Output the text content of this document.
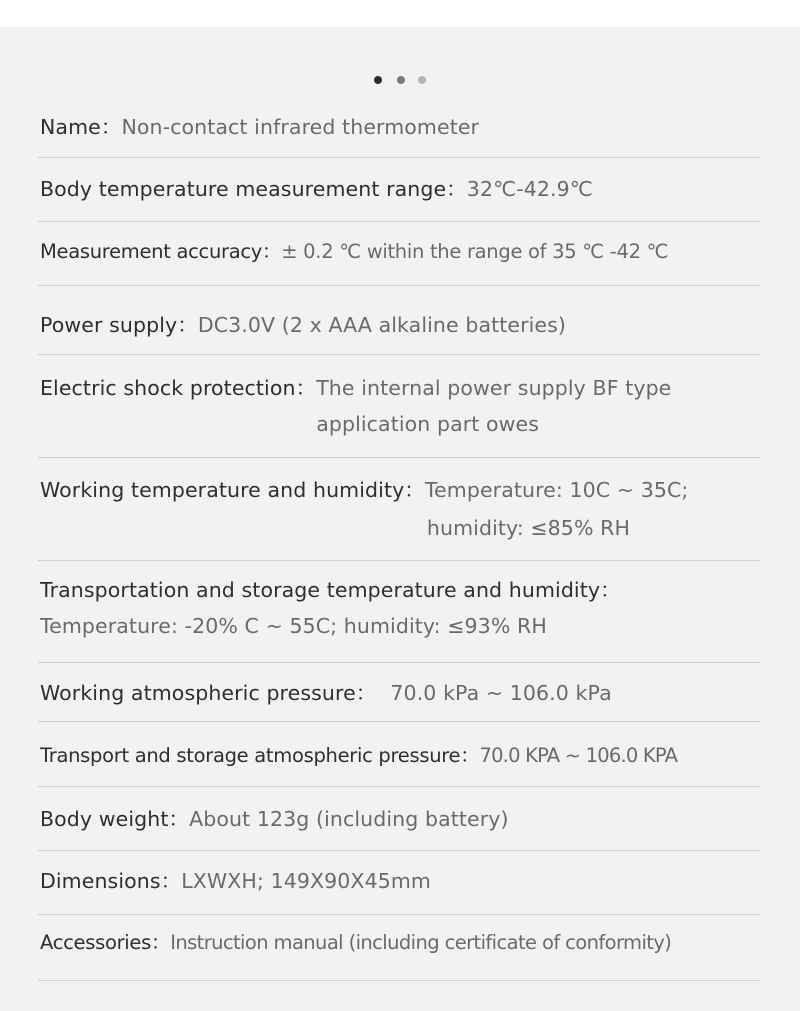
Name：Non-contact infrared thermometer
Body temperature measurement range：32℃-42.9℃
Measurement accuracy：± 0.2 ℃ within the range of 35 ℃ -42 ℃
Power supply：DC3.0V (2 x AAA alkaline batteries)
Electric shock protection： The internal power supply BF type
application part owes
Working temperature and humidity： Temperature: 10C ~ 35C;
humidity: ≤85% RH
Transportation and storage temperature and humidity：
Temperature: -20% C ~ 55C; humidity: ≤93% RH
Working atmospheric pressure： 70.0 kPa ~ 106.0 kPa
Transport and storage atmospheric pressure：70.0 KPA ~ 106.0 KPA
Body weight：About 123g (including battery)
Dimensions：LXWXH; 149X90X45mm
Accessories：Instruction manual (including certificate of conformity)
